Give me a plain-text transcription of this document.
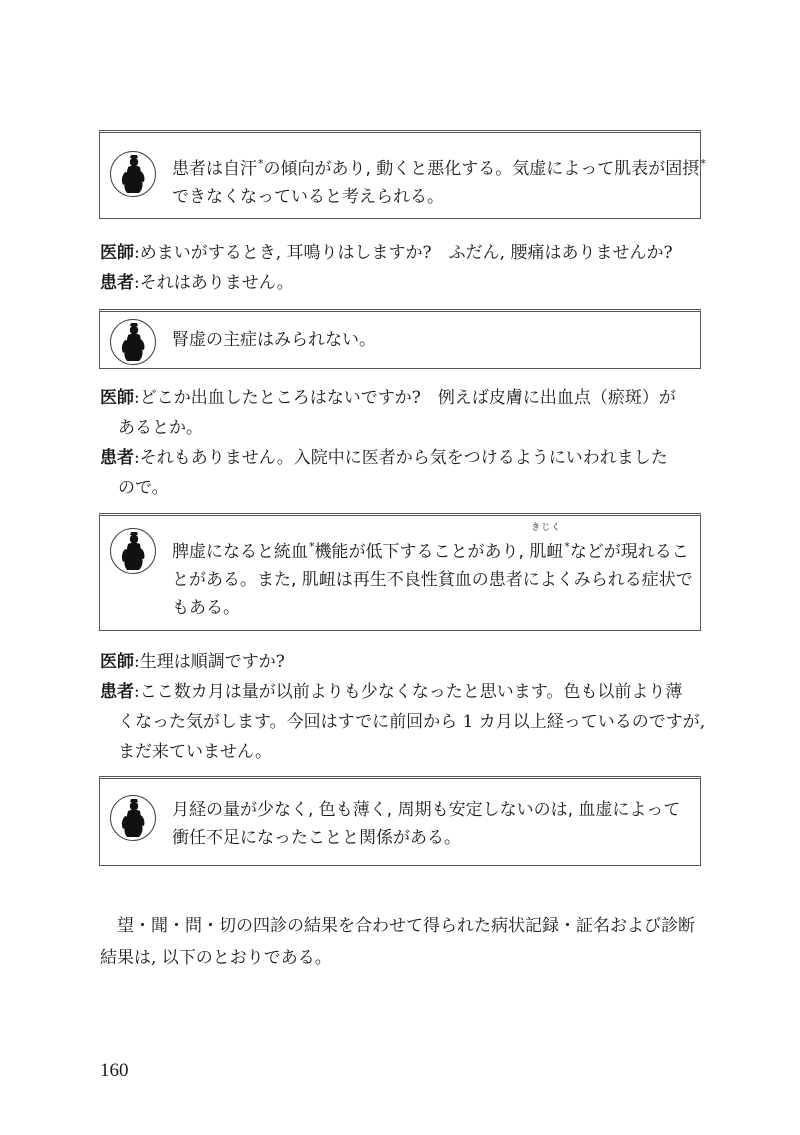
患者は自汗*の傾向があり, 動くと悪化する。気虚によって肌表が固摂*
できなくなっていると考えられる。
医師:めまいがするとき, 耳鳴りはしますか?　ふだん, 腰痛はありませんか?
患者:それはありません。
腎虚の主症はみられない。
医師:どこか出血したところはないですか?　例えば皮膚に出血点（瘀斑）が
あるとか。
患者:それもありません。入院中に医者から気をつけるようにいわれました
ので。
脾虚になると統血*機能が低下することがあり,
きじく
肌衄*などが現れるこ
とがある。また, 肌衄は再生不良性貧血の患者によくみられる症状で
もある。
医師:生理は順調ですか?
患者:ここ数カ月は量が以前よりも少なくなったと思います。色も以前より薄
くなった気がします。今回はすでに前回から 1 カ月以上経っているのですが,
まだ来ていません。
月経の量が少なく, 色も薄く, 周期も安定しないのは, 血虚によって
衝任不足になったことと関係がある。
　望・聞・問・切の四診の結果を合わせて得られた病状記録・証名および診断
結果は, 以下のとおりである。
160
